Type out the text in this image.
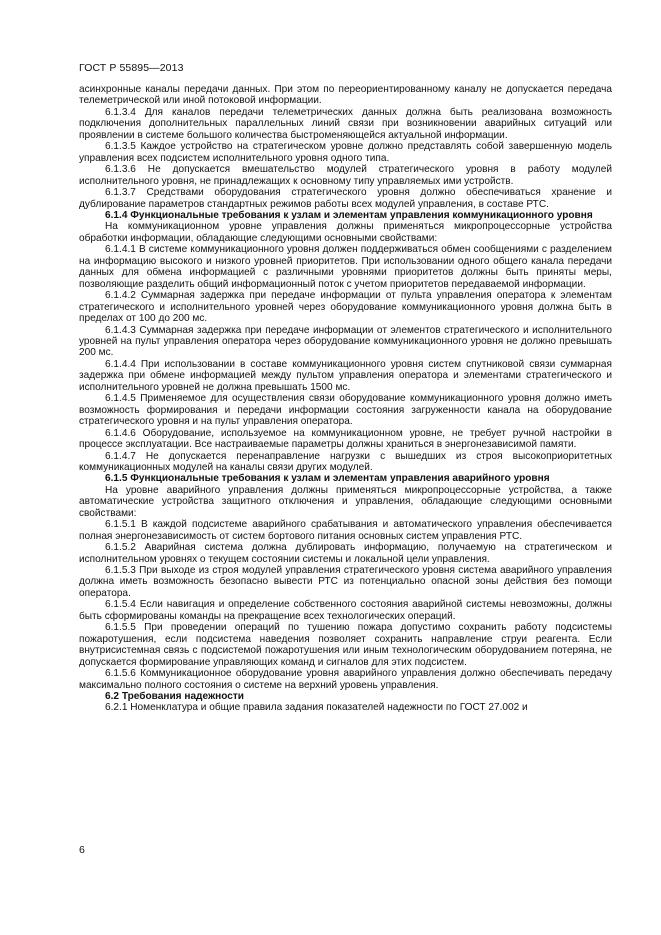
ГОСТ Р 55895—2013

асинхронные каналы передачи данных. При этом по переориентированному каналу не допускается передача телеметрической или иной потоковой информации.

6.1.3.4 Для каналов передачи телеметрических данных должна быть реализована возможность подключения дополнительных параллельных линий связи при возникновении аварийных ситуаций или проявлении в системе большого количества быстроменяющейся актуальной информации.

6.1.3.5 Каждое устройство на стратегическом уровне должно представлять собой завершенную модель управления всех подсистем исполнительного уровня одного типа.

6.1.3.6 Не допускается вмешательство модулей стратегического уровня в работу модулей исполнительного уровня, не принадлежащих к основному типу управляемых ими устройств.

6.1.3.7 Средствами оборудования стратегического уровня должно обеспечиваться хранение и дублирование параметров стандартных режимов работы всех модулей управления, в составе РТС.

6.1.4 Функциональные требования к узлам и элементам управления коммуникационного уровня

На коммуникационном уровне управления должны применяться микропроцессорные устройства обработки информации, обладающие следующими основными свойствами:

6.1.4.1 В системе коммуникационного уровня должен поддерживаться обмен сообщениями с разделением на информацию высокого и низкого уровней приоритетов. При использовании одного общего канала передачи данных для обмена информацией с различными уровнями приоритетов должны быть приняты меры, позволяющие разделить общий информационный поток с учетом приоритетов передаваемой информации.

6.1.4.2 Суммарная задержка при передаче информации от пульта управления оператора к элементам стратегического и исполнительного уровней через оборудование коммуникационного уровня должна быть в пределах от 100 до 200 мс.

6.1.4.3 Суммарная задержка при передаче информации от элементов стратегического и исполнительного уровней на пульт управления оператора через оборудование коммуникационного уровня не должно превышать 200 мс.

6.1.4.4 При использовании в составе коммуникационного уровня систем спутниковой связи суммарная задержка при обмене информацией между пультом управления оператора и элементами стратегического и исполнительного уровней не должна превышать 1500 мс.

6.1.4.5 Применяемое для осуществления связи оборудование коммуникационного уровня должно иметь возможность формирования и передачи информации состояния загруженности канала на оборудование стратегического уровня и на пульт управления оператора.

6.1.4.6 Оборудование, используемое на коммуникационном уровне, не требует ручной настройки в процессе эксплуатации. Все настраиваемые параметры должны храниться в энергонезависимой памяти.

6.1.4.7 Не допускается перенаправление нагрузки с вышедших из строя высокоприоритетных коммуникационных модулей на каналы связи других модулей.

6.1.5 Функциональные требования к узлам и элементам управления аварийного уровня

На уровне аварийного управления должны применяться микропроцессорные устройства, а также автоматические устройства защитного отключения и управления, обладающие следующими основными свойствами:

6.1.5.1 В каждой подсистеме аварийного срабатывания и автоматического управления обеспечивается полная энергонезависимость от систем бортового питания основных систем управления РТС.

6.1.5.2 Аварийная система должна дублировать информацию, получаемую на стратегическом и исполнительном уровнях о текущем состоянии системы и локальной цели управления.

6.1.5.3 При выходе из строя модулей управления стратегического уровня система аварийного управления должна иметь возможность безопасно вывести РТС из потенциально опасной зоны действия без помощи оператора.

6.1.5.4 Если навигация и определение собственного состояния аварийной системы невозможны, должны быть сформированы команды на прекращение всех технологических операций.

6.1.5.5 При проведении операций по тушению пожара допустимо сохранить работу подсистемы пожаротушения, если подсистема наведения позволяет сохранить направление струи реагента. Если внутрисистемная связь с подсистемой пожаротушения или иным технологическим оборудованием потеряна, не допускается формирование управляющих команд и сигналов для этих подсистем.

6.1.5.6 Коммуникационное оборудование уровня аварийного управления должно обеспечивать передачу максимально полного состояния о системе на верхний уровень управления.

6.2 Требования надежности

6.2.1 Номенклатура и общие правила задания показателей надежности по ГОСТ 27.002 и

6
